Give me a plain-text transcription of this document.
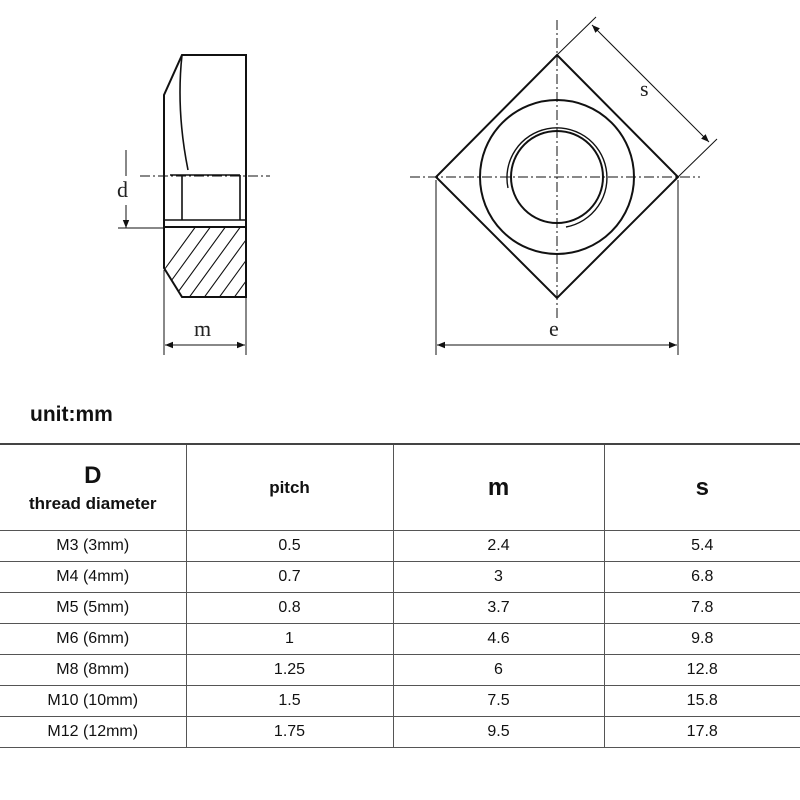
d
m
s
e
unit:mm
D
thread diameter	pitch	m	s
M3 (3mm)	0.5	2.4	5.4
M4 (4mm)	0.7	3	6.8
M5 (5mm)	0.8	3.7	7.8
M6 (6mm)	1	4.6	9.8
M8 (8mm)	1.25	6	12.8
M10 (10mm)	1.5	7.5	15.8
M12 (12mm)	1.75	9.5	17.8
